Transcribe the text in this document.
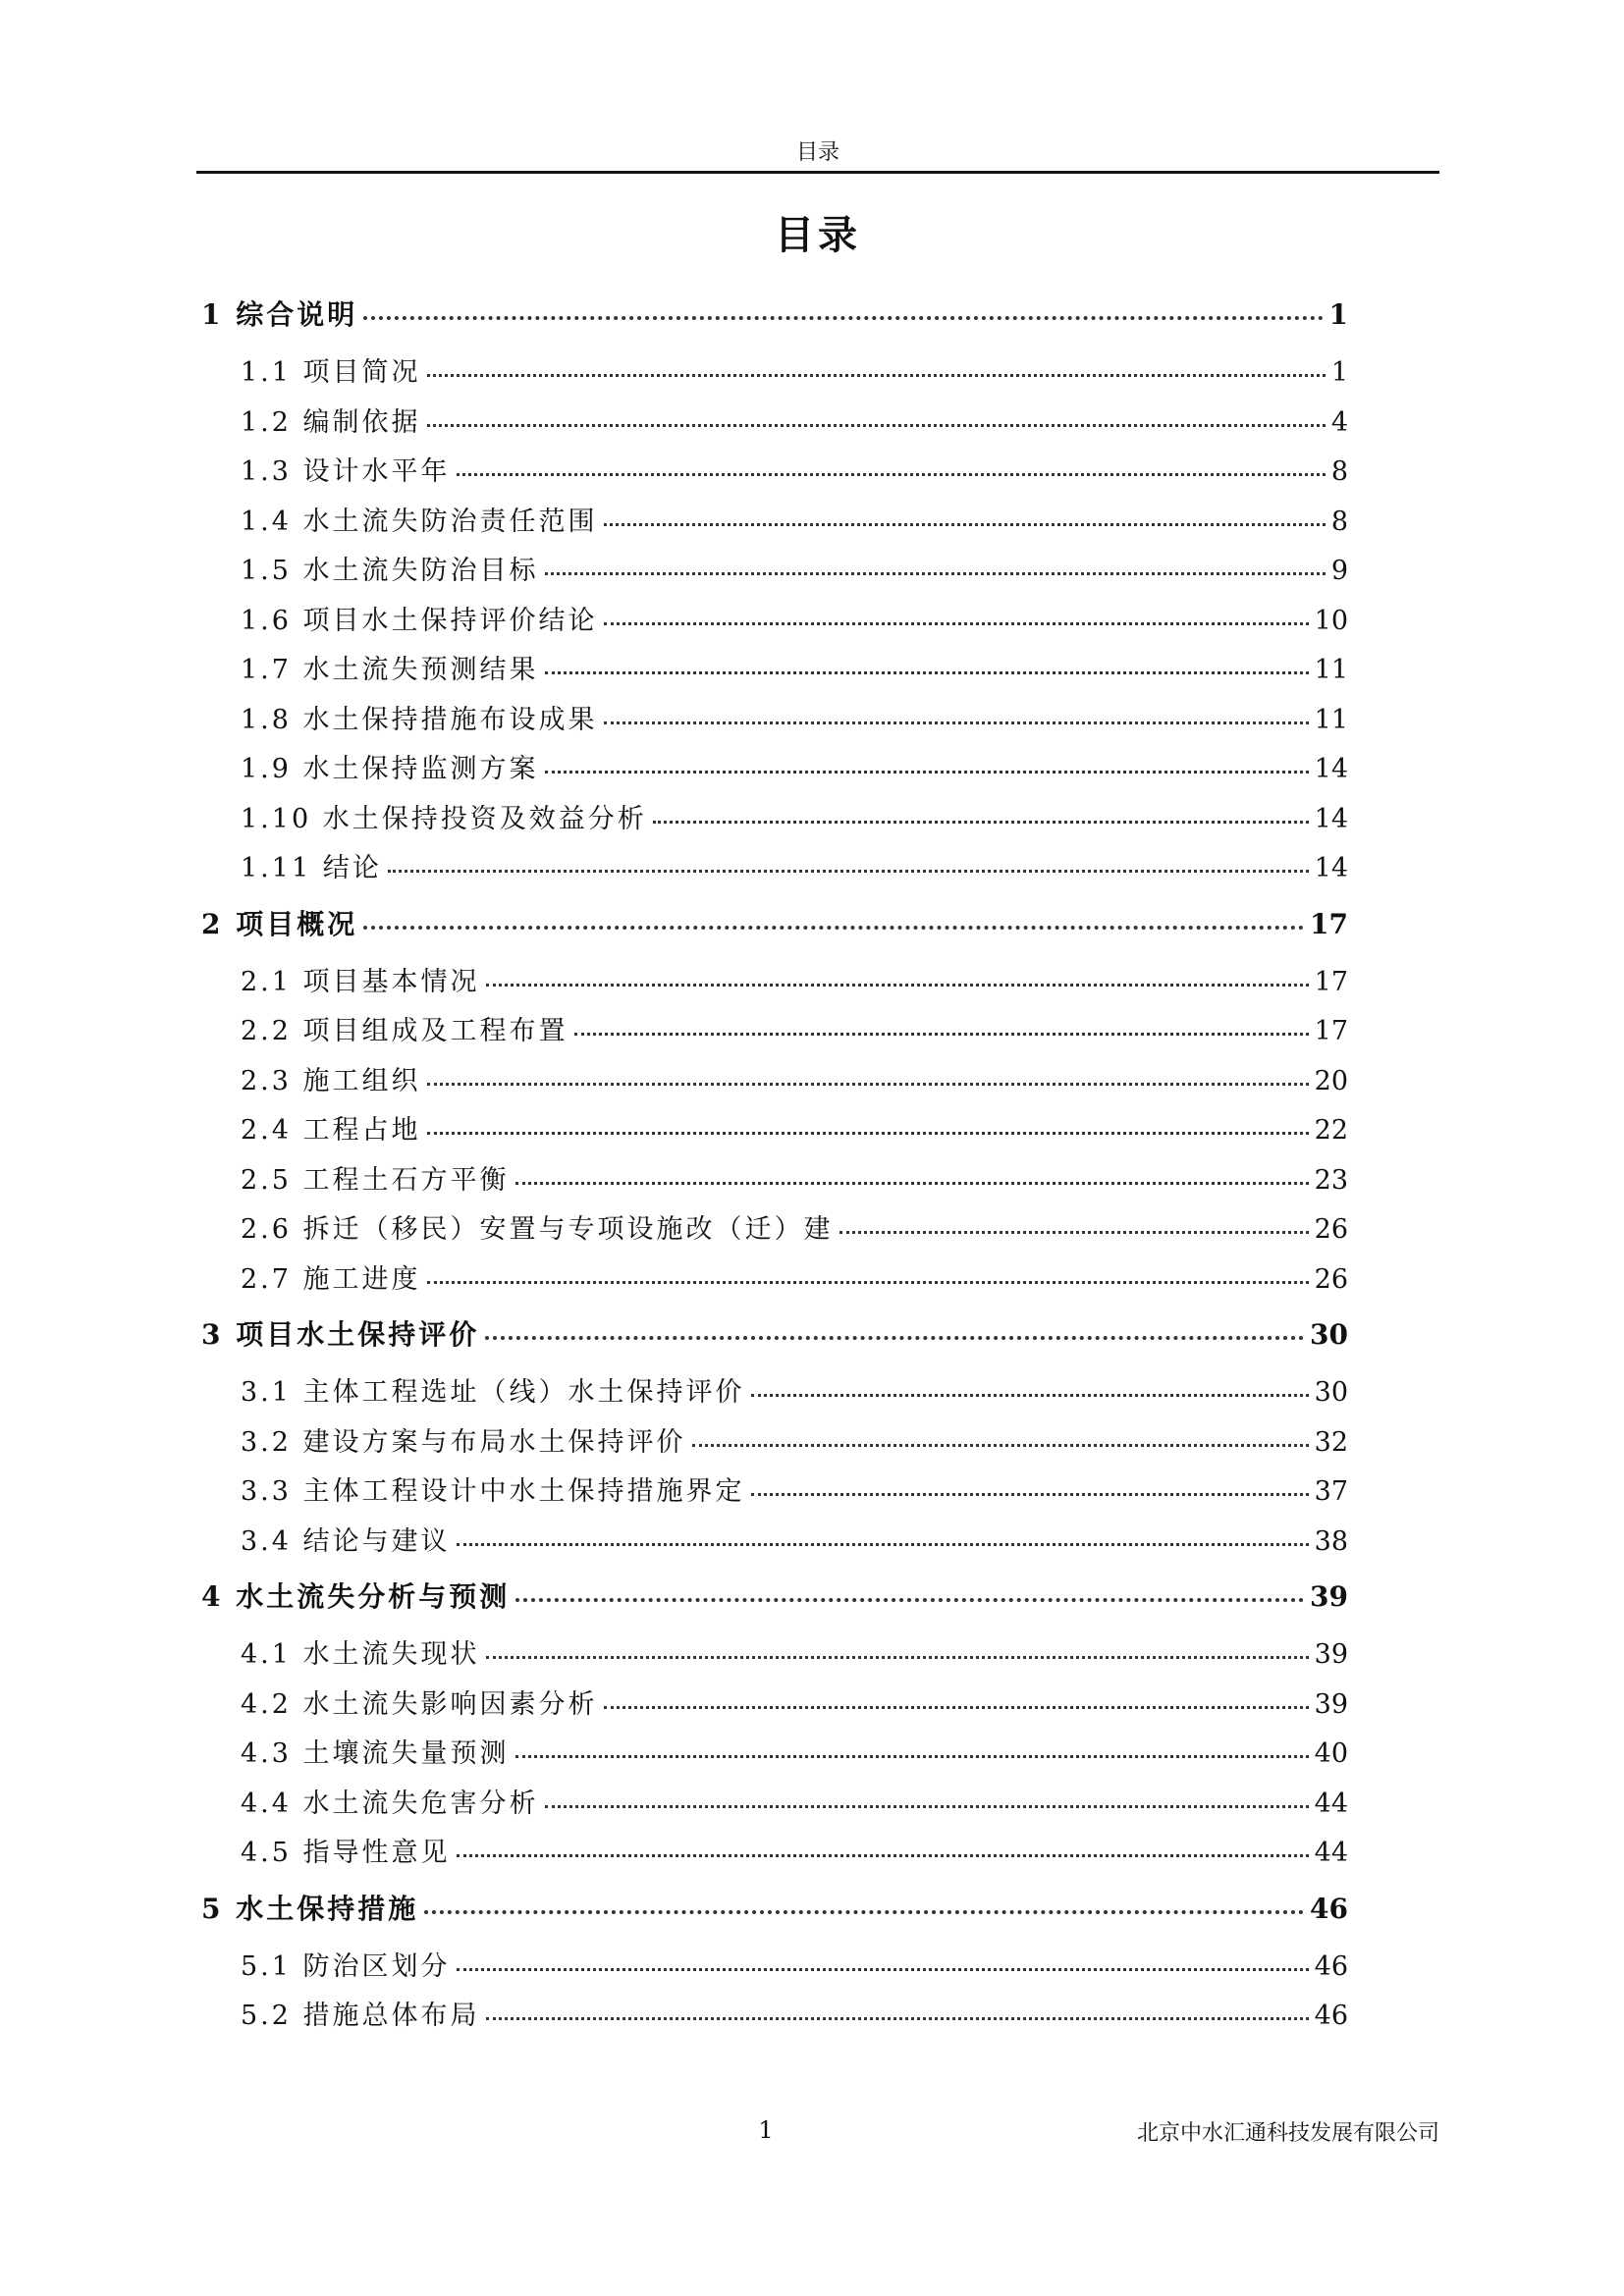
目录
目录
1 综合说明	1
1.1 项目简况	1
1.2 编制依据	4
1.3 设计水平年	8
1.4 水土流失防治责任范围	8
1.5 水土流失防治目标	9
1.6 项目水土保持评价结论	10
1.7 水土流失预测结果	11
1.8 水土保持措施布设成果	11
1.9 水土保持监测方案	14
1.10 水土保持投资及效益分析	14
1.11 结论	14
2 项目概况	17
2.1 项目基本情况	17
2.2 项目组成及工程布置	17
2.3 施工组织	20
2.4 工程占地	22
2.5 工程土石方平衡	23
2.6 拆迁（移民）安置与专项设施改（迁）建	26
2.7 施工进度	26
3 项目水土保持评价	30
3.1 主体工程选址（线）水土保持评价	30
3.2 建设方案与布局水土保持评价	32
3.3 主体工程设计中水土保持措施界定	37
3.4 结论与建议	38
4 水土流失分析与预测	39
4.1 水土流失现状	39
4.2 水土流失影响因素分析	39
4.3 土壤流失量预测	40
4.4 水土流失危害分析	44
4.5 指导性意见	44
5 水土保持措施	46
5.1 防治区划分	46
5.2 措施总体布局	46
1	北京中水汇通科技发展有限公司
